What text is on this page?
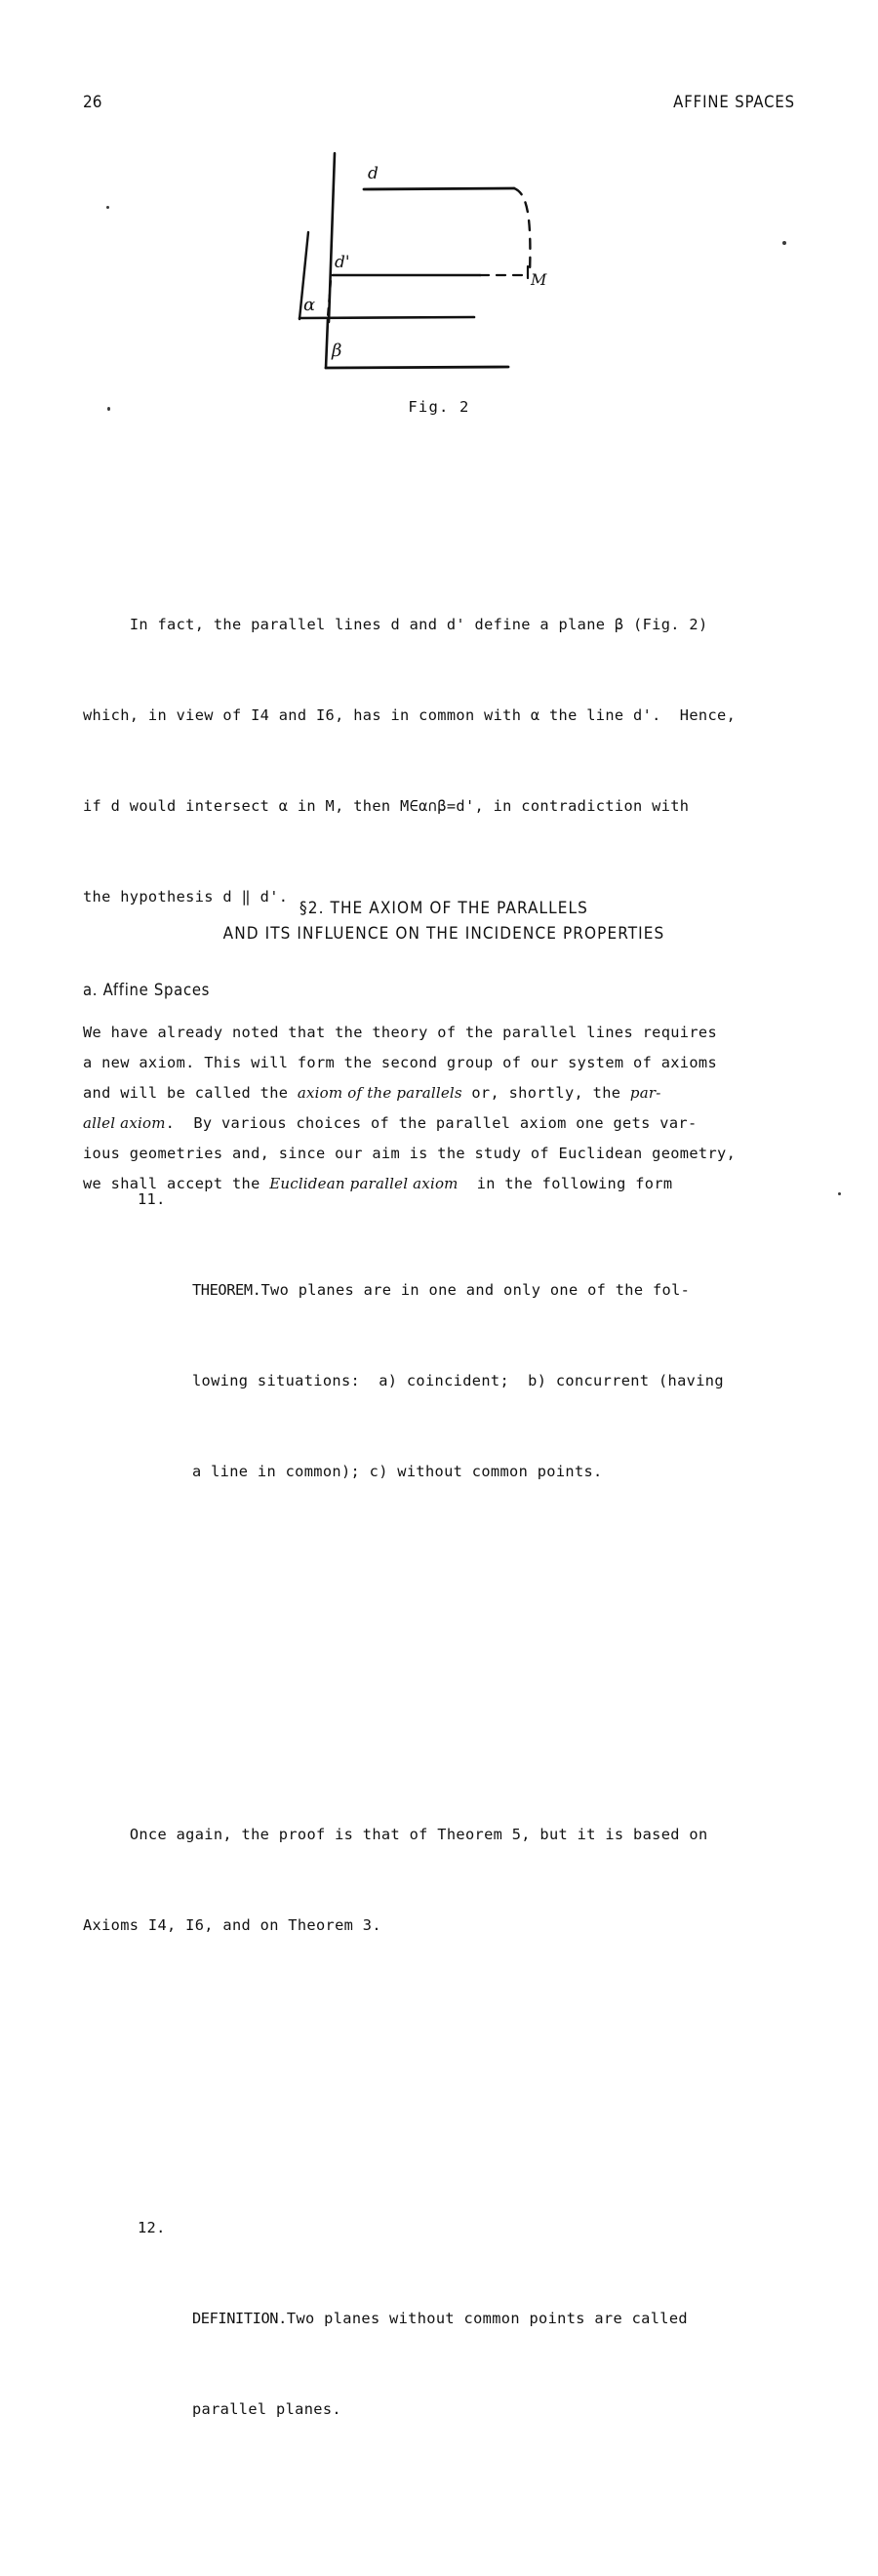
26	AFFINE SPACES
d
d'
α
β
M
Fig. 2

In fact, the parallel lines d and d' define a plane β (Fig. 2)

which, in view of I4 and I6, has in common with α the line d'.  Hence,

if d would intersect α in M, then M∈α∩β=d', in contradiction with

the hypothesis d ‖ d'.

11.

THEOREM.Two planes are in one and only one of the fol-

lowing situations:  a) coincident;  b) concurrent (having

a line in common); c) without common points.

Once again, the proof is that of Theorem 5, but it is based on

Axioms I4, I6, and on Theorem 3.

12.

DEFINITION.Two planes without common points are called

parallel planes.

§2. THE AXIOM OF THE PARALLELS
AND ITS INFLUENCE ON THE INCIDENCE PROPERTIES
a. Affine Spaces
We have already noted that the theory of the parallel lines requires
a new axiom. This will form the second group of our system of axioms
and will be called the axiom of the parallels or, shortly, the par-
allel axiom.  By various choices of the parallel axiom one gets var-
ious geometries and, since our aim is the study of Euclidean geometry,
we shall accept the Euclidean parallel axiom  in the following form
